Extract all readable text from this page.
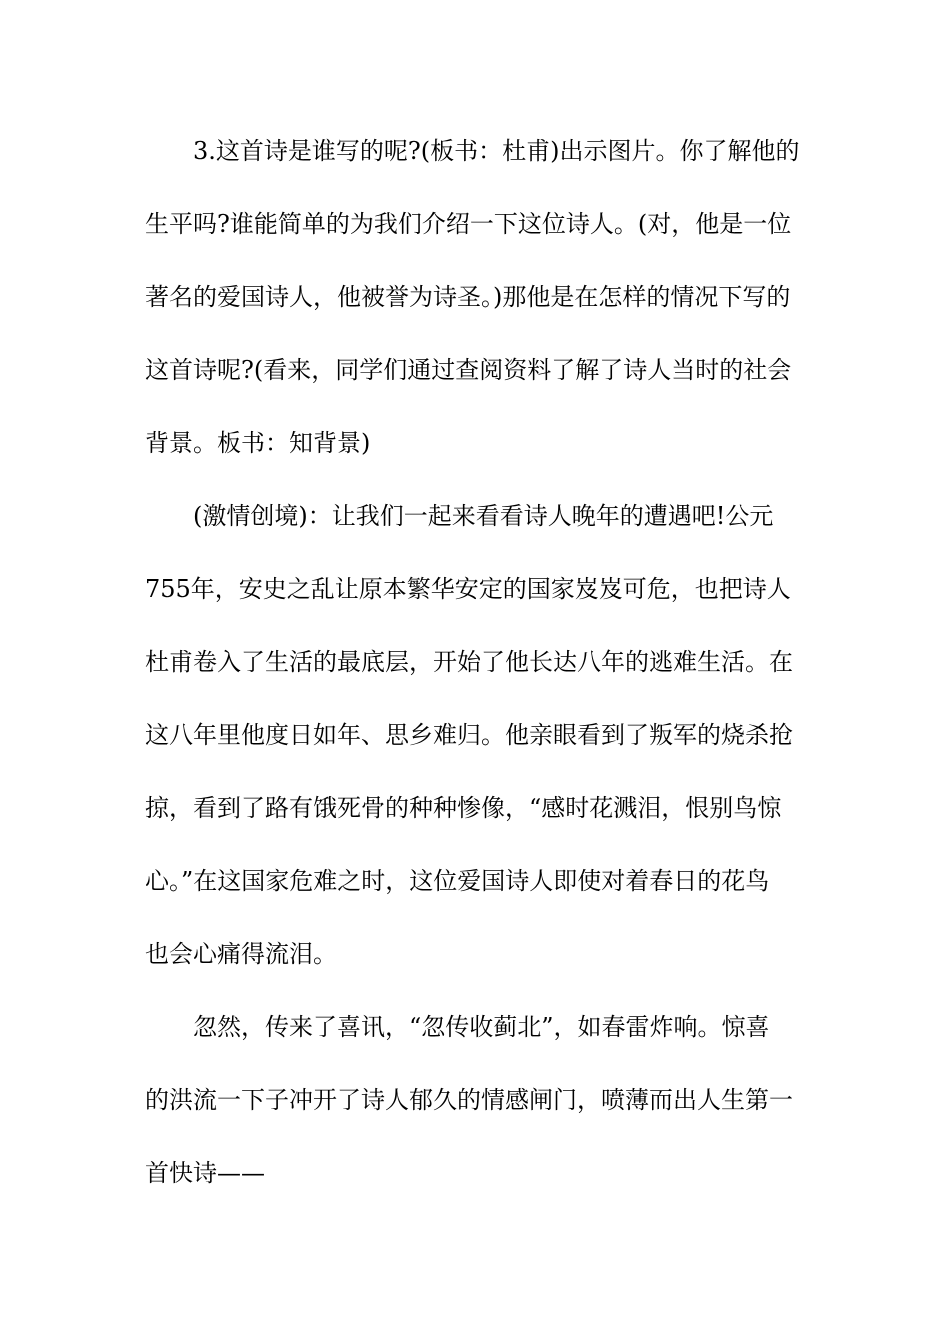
3.这首诗是谁写的呢?(板书：杜甫)出示图片。你了解他的
生平吗?谁能简单的为我们介绍一下这位诗人。(对，他是一位
著名的爱国诗人，他被誉为诗圣。)那他是在怎样的情况下写的
这首诗呢?(看来，同学们通过查阅资料了解了诗人当时的社会
背景。板书：知背景)
(激情创境)：让我们一起来看看诗人晚年的遭遇吧!公元
755年，安史之乱让原本繁华安定的国家岌岌可危，也把诗人
杜甫卷入了生活的最底层，开始了他长达八年的逃难生活。在
这八年里他度日如年、思乡难归。他亲眼看到了叛军的烧杀抢
掠，看到了路有饿死骨的种种惨像，“感时花溅泪，恨别鸟惊
心。”在这国家危难之时，这位爱国诗人即使对着春日的花鸟
也会心痛得流泪。
忽然，传来了喜讯，“忽传收蓟北”，如春雷炸响。惊喜
的洪流一下子冲开了诗人郁久的情感闸门，喷薄而出人生第一
首快诗——
